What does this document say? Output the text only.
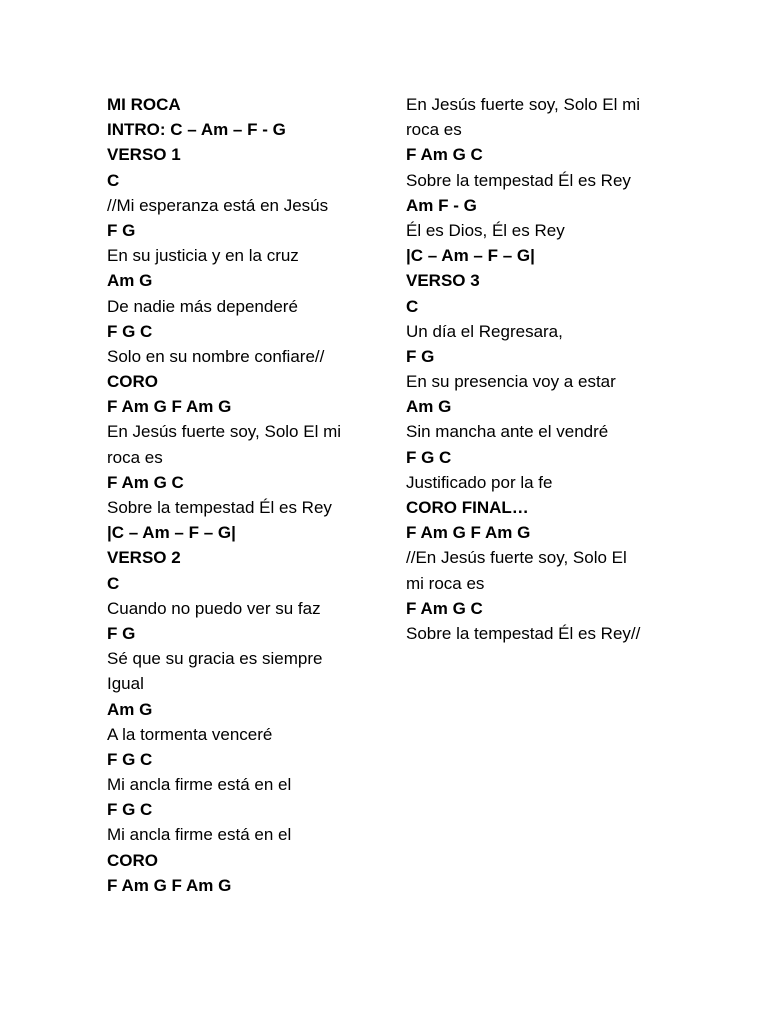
MI ROCA
INTRO: C – Am – F - G
VERSO 1
C
//Mi esperanza está en Jesús
F G
En su justicia y en la cruz
Am G
De nadie más dependeré
F G C
Solo en su nombre confiare//
CORO
F Am G F Am G
En Jesús fuerte soy, Solo El mi
roca es
F Am G C
Sobre la tempestad Él es Rey
|C – Am – F – G|
VERSO 2
C
Cuando no puedo ver su faz
F G
Sé que su gracia es siempre
Igual
Am G
A la tormenta venceré
F G C
Mi ancla firme está en el
F G C
Mi ancla firme está en el
CORO
F Am G F Am G
En Jesús fuerte soy, Solo El mi
roca es
F Am G C
Sobre la tempestad Él es Rey
Am F - G
Él es Dios, Él es Rey
|C – Am – F – G|
VERSO 3
C
Un día el Regresara,
F G
En su presencia voy a estar
Am G
Sin mancha ante el vendré
F G C
Justificado por la fe
CORO FINAL…
F Am G F Am G
//En Jesús fuerte soy, Solo El
mi roca es
F Am G C
Sobre la tempestad Él es Rey//
